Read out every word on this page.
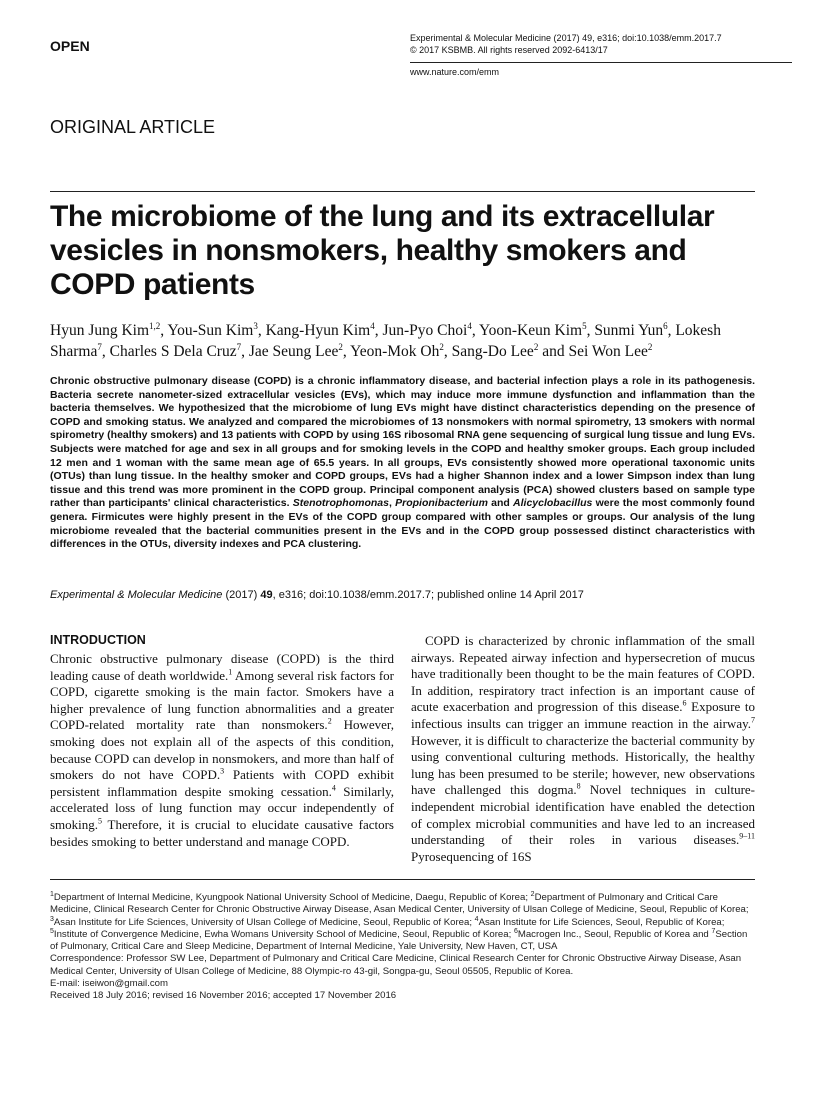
OPEN	Experimental & Molecular Medicine (2017) 49, e316; doi:10.1038/emm.2017.7
© 2017 KSBMB. All rights reserved 2092-6413/17
www.nature.com/emm
ORIGINAL ARTICLE
The microbiome of the lung and its extracellular vesicles in nonsmokers, healthy smokers and COPD patients
Hyun Jung Kim$^{1,2}$, You-Sun Kim$^3$, Kang-Hyun Kim$^4$, Jun-Pyo Choi$^4$, Yoon-Keun Kim$^5$, Sunmi Yun$^6$, Lokesh Sharma$^7$, Charles S Dela Cruz$^7$, Jae Seung Lee$^2$, Yeon-Mok Oh$^2$, Sang-Do Lee$^2$ and Sei Won Lee$^2$
Chronic obstructive pulmonary disease (COPD) is a chronic inflammatory disease, and bacterial infection plays a role in its pathogenesis. Bacteria secrete nanometer-sized extracellular vesicles (EVs), which may induce more immune dysfunction and inflammation than the bacteria themselves. We hypothesized that the microbiome of lung EVs might have distinct characteristics depending on the presence of COPD and smoking status. We analyzed and compared the microbiomes of 13 nonsmokers with normal spirometry, 13 smokers with normal spirometry (healthy smokers) and 13 patients with COPD by using 16S ribosomal RNA gene sequencing of surgical lung tissue and lung EVs. Subjects were matched for age and sex in all groups and for smoking levels in the COPD and healthy smoker groups. Each group included 12 men and 1 woman with the same mean age of 65.5 years. In all groups, EVs consistently showed more operational taxonomic units (OTUs) than lung tissue. In the healthy smoker and COPD groups, EVs had a higher Shannon index and a lower Simpson index than lung tissue and this trend was more prominent in the COPD group. Principal component analysis (PCA) showed clusters based on sample type rather than participants' clinical characteristics. Stenotrophomonas, Propionibacterium and Alicyclobacillus were the most commonly found genera. Firmicutes were highly present in the EVs of the COPD group compared with other samples or groups. Our analysis of the lung microbiome revealed that the bacterial communities present in the EVs and in the COPD group possessed distinct characteristics with differences in the OTUs, diversity indexes and PCA clustering.
Experimental & Molecular Medicine (2017) 49, e316; doi:10.1038/emm.2017.7; published online 14 April 2017
INTRODUCTION

Chronic obstructive pulmonary disease (COPD) is the third leading cause of death worldwide.$^1$ Among several risk factors for COPD, cigarette smoking is the main factor. Smokers have a higher prevalence of lung function abnormalities and a greater COPD-related mortality rate than nonsmokers.$^2$ However, smoking does not explain all of the aspects of this condition, because COPD can develop in nonsmokers, and more than half of smokers do not have COPD.$^3$ Patients with COPD exhibit persistent inflammation despite smoking cessation.$^4$ Similarly, accelerated loss of lung function may occur independently of smoking.$^5$ Therefore, it is crucial to elucidate causative factors besides smoking to better understand and manage COPD.

COPD is characterized by chronic inflammation of the small airways. Repeated airway infection and hypersecretion of mucus have traditionally been thought to be the main features of COPD. In addition, respiratory tract infection is an important cause of acute exacerbation and progression of this disease.$^6$ Exposure to infectious insults can trigger an immune reaction in the airway.$^7$ However, it is difficult to characterize the bacterial community by using conventional culturing methods. Historically, the healthy lung has been presumed to be sterile; however, new observations have challenged this dogma.$^8$ Novel techniques in culture-independent microbial identification have enabled the detection of complex microbial communities and have led to an increased understanding of their roles in various diseases.$^{9-11}$ Pyrosequencing of 16S

$^1$Department of Internal Medicine, Kyungpook National University School of Medicine, Daegu, Republic of Korea; $^2$Department of Pulmonary and Critical Care Medicine, Clinical Research Center for Chronic Obstructive Airway Disease, Asan Medical Center, University of Ulsan College of Medicine, Seoul, Republic of Korea; $^3$Asan Institute for Life Sciences, University of Ulsan College of Medicine, Seoul, Republic of Korea; $^4$Asan Institute for Life Sciences, Seoul, Republic of Korea; $^5$Institute of Convergence Medicine, Ewha Womans University School of Medicine, Seoul, Republic of Korea; $^6$Macrogen Inc., Seoul, Republic of Korea and $^7$Section of Pulmonary, Critical Care and Sleep Medicine, Department of Internal Medicine, Yale University, New Haven, CT, USA

Correspondence: Professor SW Lee, Department of Pulmonary and Critical Care Medicine, Clinical Research Center for Chronic Obstructive Airway Disease, Asan Medical Center, University of Ulsan College of Medicine, 88 Olympic-ro 43-gil, Songpa-gu, Seoul 05505, Republic of Korea.

E-mail: iseiwon@gmail.com

Received 18 July 2016; revised 16 November 2016; accepted 17 November 2016
